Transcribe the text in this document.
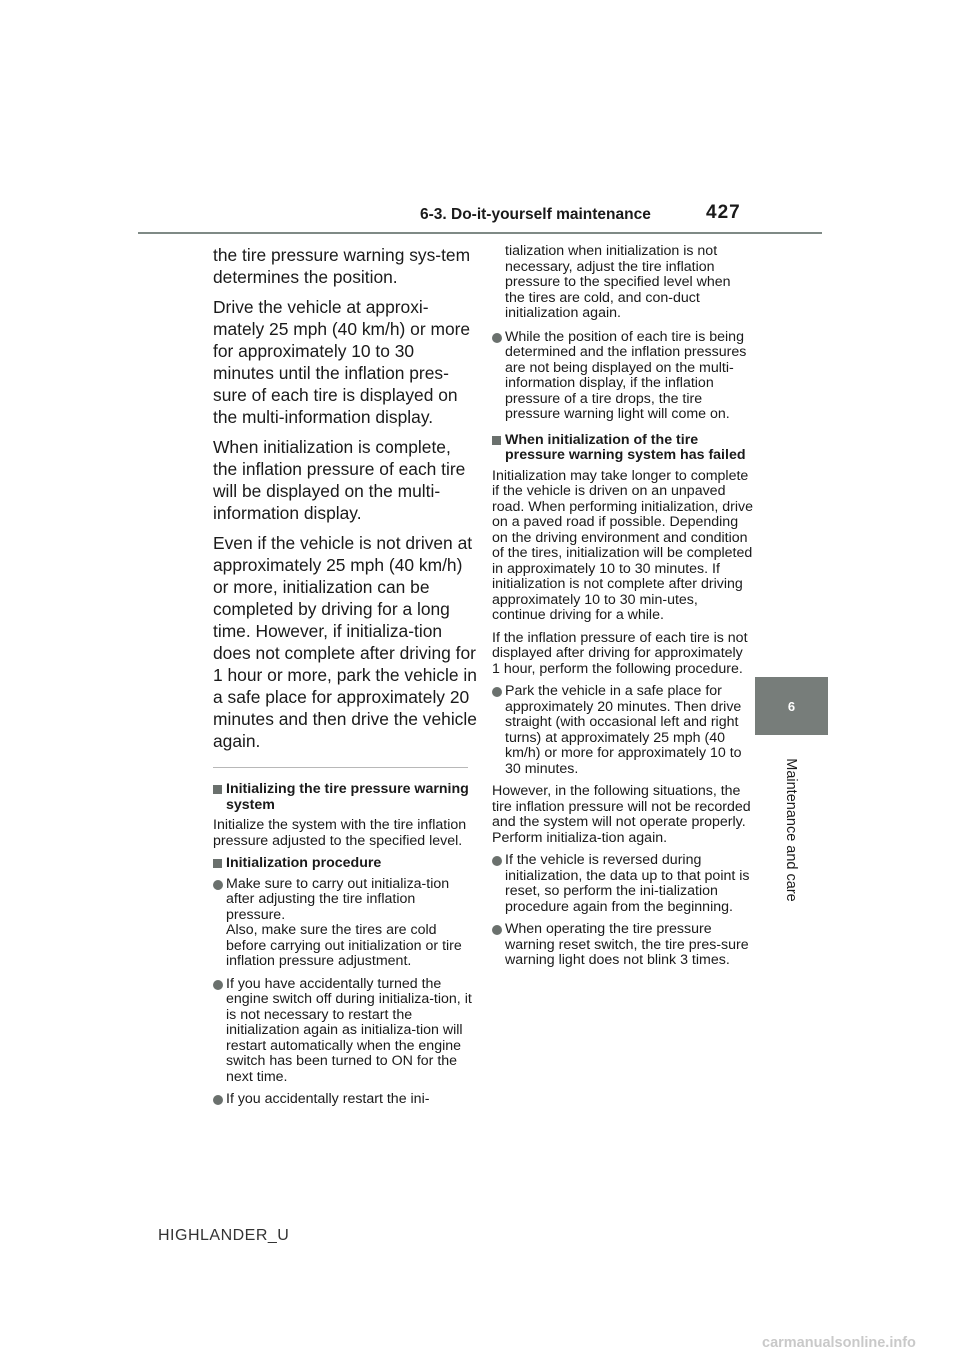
6-3. Do-it-yourself maintenance	427
6
Maintenance and care

the tire pressure warning sys-tem determines the position.

Drive the vehicle at approxi-mately 25 mph (40 km/h) or more for approximately 10 to 30 minutes until the inflation pres-sure of each tire is displayed on the multi-information display.

When initialization is complete, the inflation pressure of each tire will be displayed on the multi-information display.

Even if the vehicle is not driven at approximately 25 mph (40 km/h) or more, initialization can be completed by driving for a long time. However, if initializa-tion does not complete after driving for 1 hour or more, park the vehicle in a safe place for approximately 20 minutes and then drive the vehicle again.

Initializing the tire pressure warning system
Initialize the system with the tire inflation pressure adjusted to the specified level.
Initialization procedure
Make sure to carry out initializa-tion after adjusting the tire inflation pressure.
Also, make sure the tires are cold before carrying out initialization or tire inflation pressure adjustment.
If you have accidentally turned the engine switch off during initializa-tion, it is not necessary to restart the initialization again as initializa-tion will restart automatically when the engine switch has been turned to ON for the next time.
If you accidentally restart the ini-
tialization when initialization is not necessary, adjust the tire inflation pressure to the specified level when the tires are cold, and con-duct initialization again.
While the position of each tire is being determined and the inflation pressures are not being displayed on the multi-information display, if the inflation pressure of a tire drops, the tire pressure warning light will come on.
When initialization of the tire pressure warning system has failed
Initialization may take longer to complete if the vehicle is driven on an unpaved road. When performing initialization, drive on a paved road if possible. Depending on the driving environment and condition of the tires, initialization will be completed in approximately 10 to 30 minutes. If initialization is not complete after driving approximately 10 to 30 min-utes, continue driving for a while.
If the inflation pressure of each tire is not displayed after driving for approximately 1 hour, perform the following procedure.
Park the vehicle in a safe place for approximately 20 minutes. Then drive straight (with occasional left and right turns) at approximately 25 mph (40 km/h) or more for approximately 10 to 30 minutes.
However, in the following situations, the tire inflation pressure will not be recorded and the system will not operate properly. Perform initializa-tion again.
If the vehicle is reversed during initialization, the data up to that point is reset, so perform the ini-tialization procedure again from the beginning.
When operating the tire pressure warning reset switch, the tire pres-sure warning light does not blink 3 times.
HIGHLANDER_U
carmanualsonline.info
